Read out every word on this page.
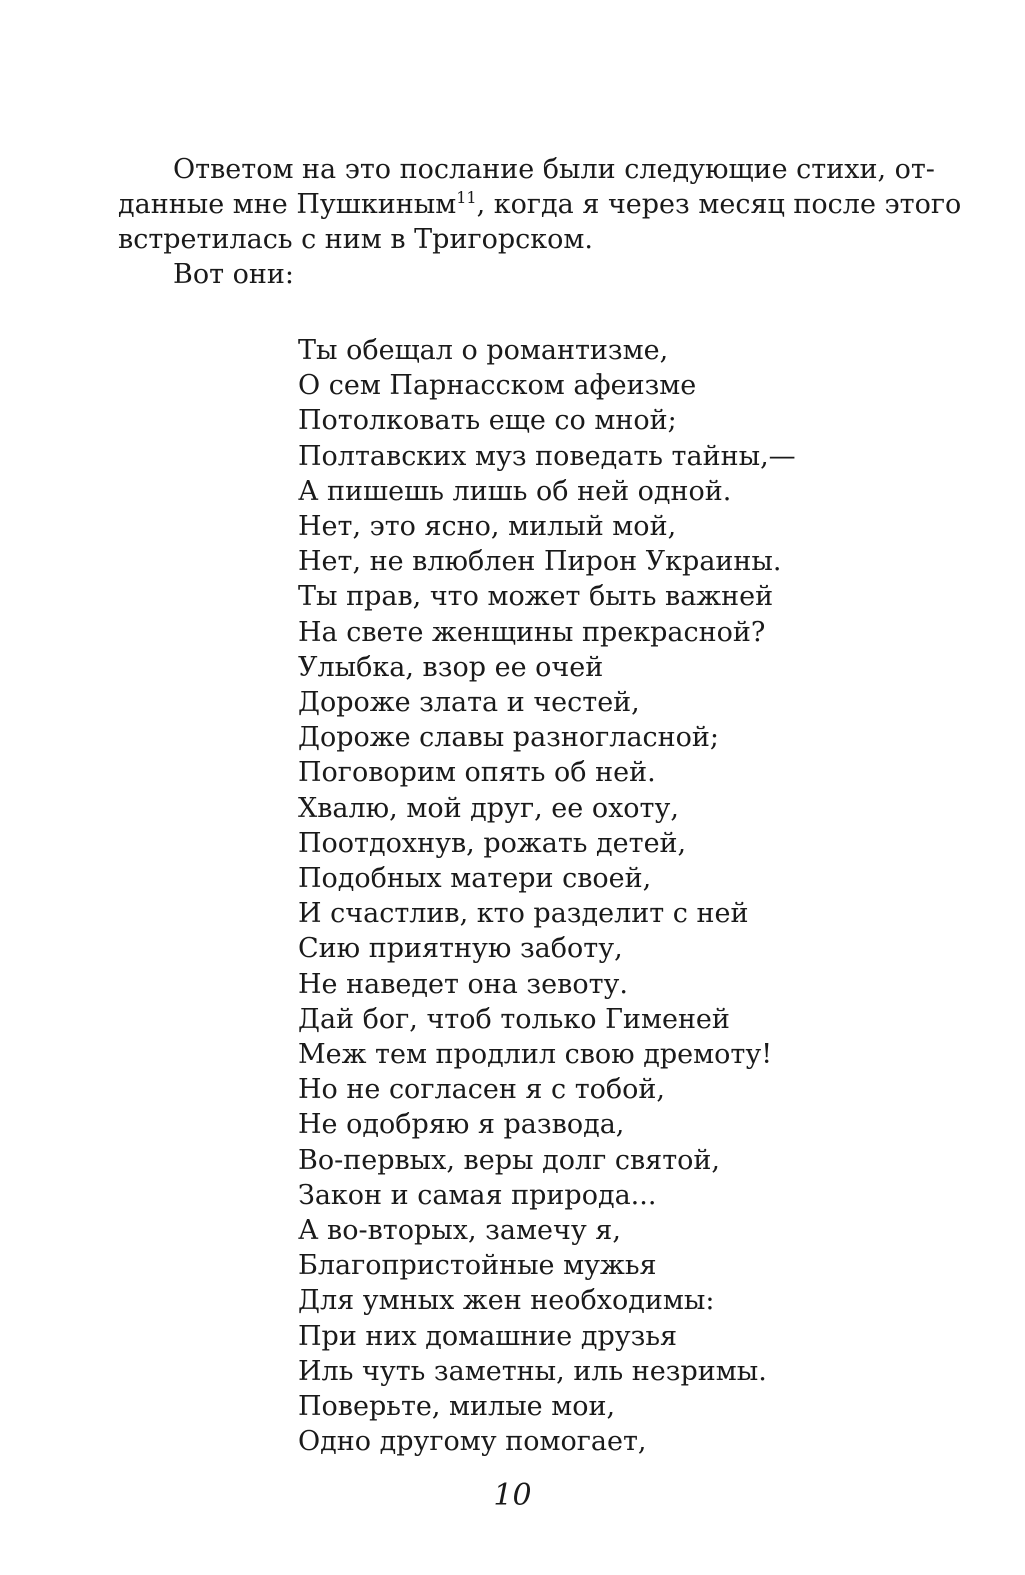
Ответом на это послание были следующие стихи, от-
данные мне Пушкиным$^{11}$, когда я через месяц после этого
встретилась с ним в Тригорском.
Вот они:
Ты обещал о романтизме,
О сем Парнасском афеизме
Потолковать еще со мной;
Полтавских муз поведать тайны,—
А пишешь лишь об ней одной.
Нет, это ясно, милый мой,
Нет, не влюблен Пирон Украины.
Ты прав, что может быть важней
На свете женщины прекрасной?
Улыбка, взор ее очей
Дороже злата и честей,
Дороже славы разногласной;
Поговорим опять об ней.
Хвалю, мой друг, ее охоту,
Поотдохнув, рожать детей,
Подобных матери своей,
И счастлив, кто разделит с ней
Сию приятную заботу,
Не наведет она зевоту.
Дай бог, чтоб только Гименей
Меж тем продлил свою дремоту!
Но не согласен я с тобой,
Не одобряю я развода,
Во-первых, веры долг святой,
Закон и самая природа...
А во-вторых, замечу я,
Благопристойные мужья
Для умных жен необходимы:
При них домашние друзья
Иль чуть заметны, иль незримы.
Поверьте, милые мои,
Одно другому помогает,
10
